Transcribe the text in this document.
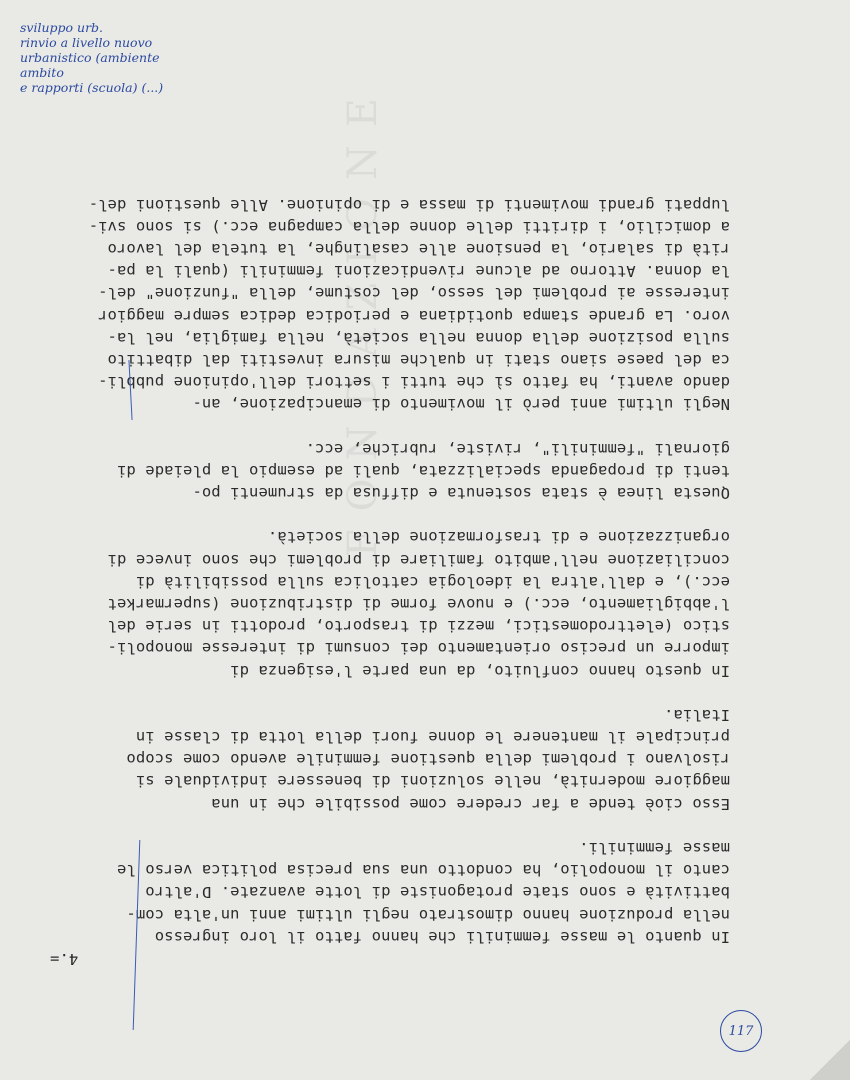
4.=
In quanto le masse femminili che hanno fatto il loro ingresso
nella produzione hanno dimostrato negli ultimi anni un'alta com-
battività e sono state protagoniste di lotte avanzate. D'altro
canto il monopolio, ha condotto una sua precisa politica verso le
masse femminili.
Esso cioè tende a far credere come possibile che in una
maggiore modernità, nelle soluzioni di benessere individuale si
risolvano i problemi della questione femminile avendo come scopo
principale il mantenere le donne fuori della lotta di classe in
Italia.
In questo hanno confluito, da una parte l'esigenza di
imporre un preciso orientamento dei consumi di interesse monopoli-
stico (elettrodomestici, mezzi di trasporto, prodotti in serie del
l'abbigliamento, ecc.) e nuove forme di distribuzione (supermarket
ecc.), e dall'altra la ideologia cattolica sulla possibilità di
conciliazione nell'ambito familiare di problemi che sono invece di
organizzazione e di trasformazione della società.
Questa linea è stata sostenuta e diffusa da strumenti po-
tenti di propaganda specializzata, quali ad esempio la pleiade di
giornali "femminili", riviste, rubriche, ecc.
Negli ultimi anni però il movimento di emancipazione, an-
dando avanti, ha fatto sì che tutti i settori dell'opinione pubbli-
ca del paese siano stati in qualche misura investiti dal dibattito
sulla posizione della donna nella società, nella famiglia, nel la-
voro. La grande stampa quotidiana e periodica dedica sempre maggior
interesse ai problemi del sesso, del costume, della "funzione" del-
la donna. Attorno ad alcune rivendicazioni femminili (quali la pa-
rità di salario, la pensione alle casalinghe, la tutela del lavoro
a domicilio, i diritti delle donne della campagna ecc.) si sono svi-
luppati grandi movimenti di massa e di opinione. Alle questioni del-
FONDAZIONE
sviluppo urb.
rinvio a livello nuovo
urbanistico (ambiente
ambito
e rapporti (scuola) (...)
117
